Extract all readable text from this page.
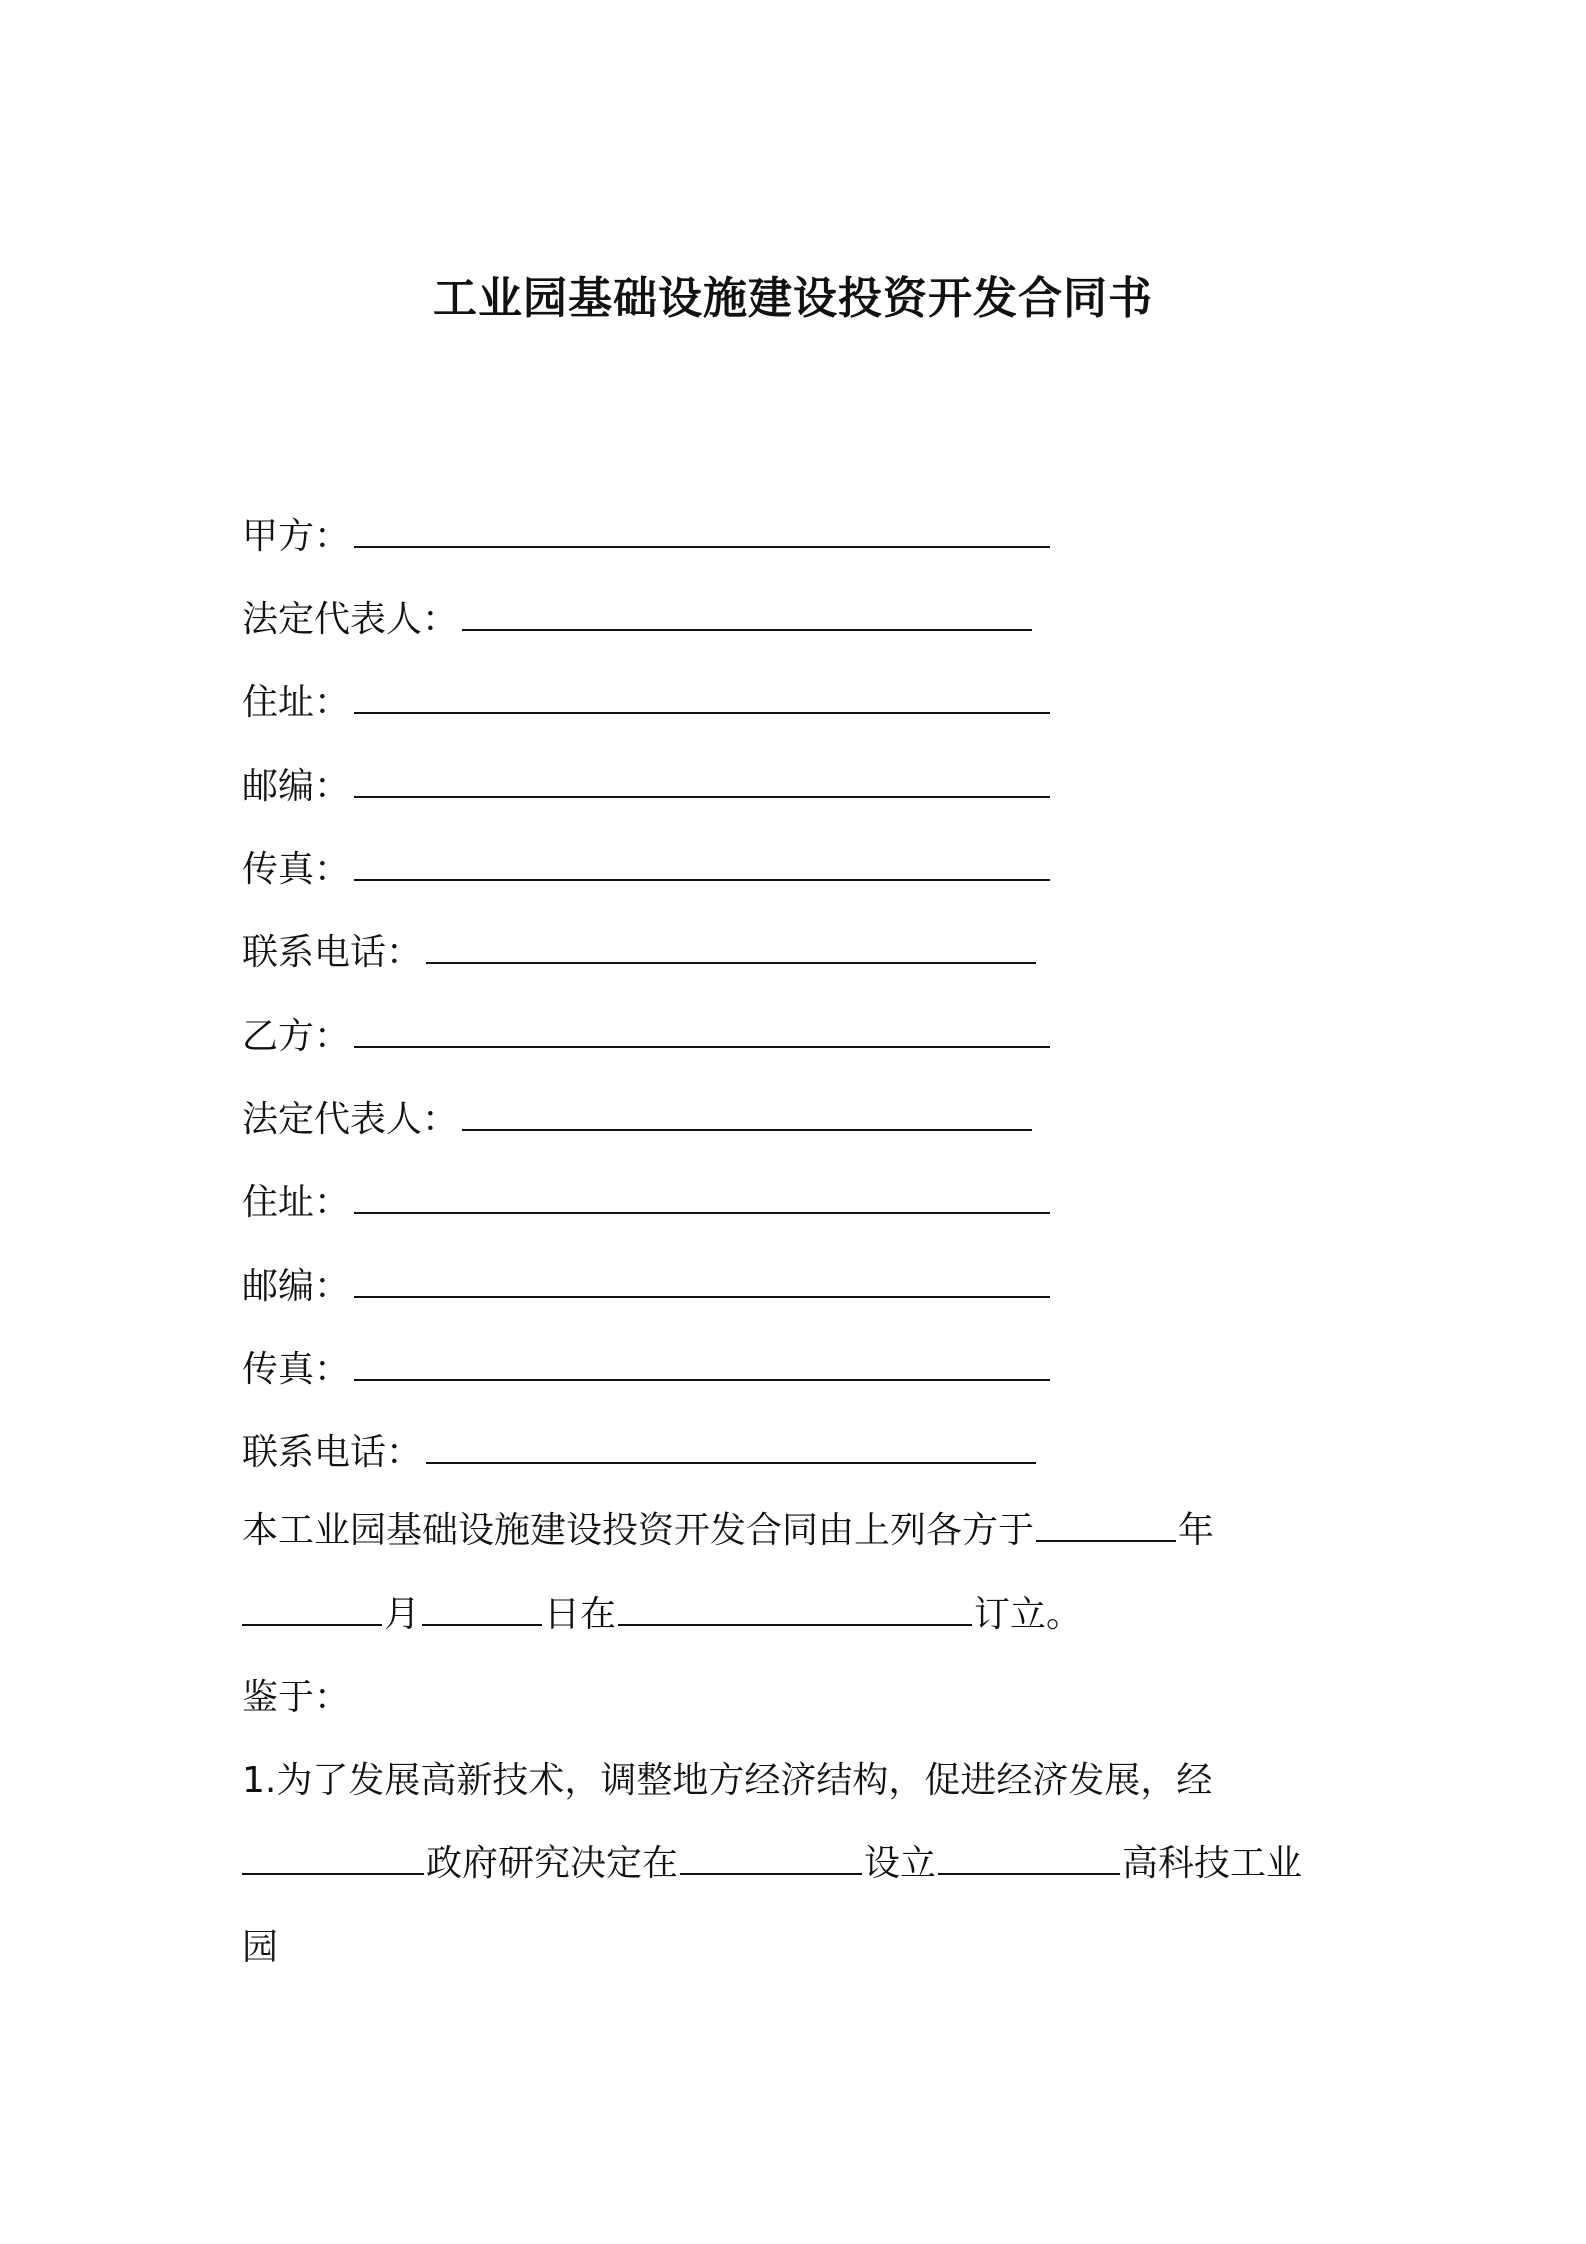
工业园基础设施建设投资开发合同书
甲方：
法定代表人：
住址：
邮编：
传真：
联系电话：
乙方：
法定代表人：
住址：
邮编：
传真：
联系电话：
本工业园基础设施建设投资开发合同由上列各方于	年
月	日在	订立。
鉴于：
1.为了发展高新技术，调整地方经济结构，促进经济发展，经
政府研究决定在	设立	高科技工业
园
